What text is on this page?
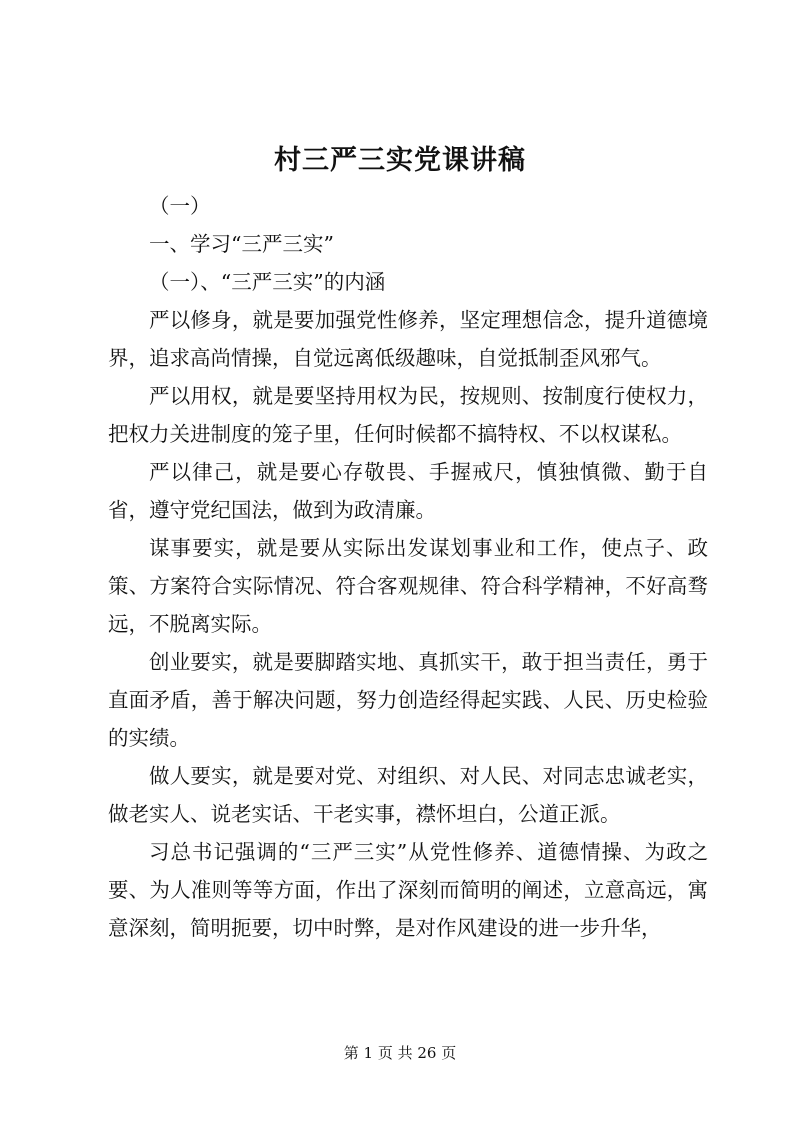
村三严三实党课讲稿

（一）

一、学习“三严三实”

（一）、“三严三实”的内涵

严以修身，就是要加强党性修养，坚定理想信念，提升道德境界，追求高尚情操，自觉远离低级趣味，自觉抵制歪风邪气。

严以用权，就是要坚持用权为民，按规则、按制度行使权力，把权力关进制度的笼子里，任何时候都不搞特权、不以权谋私。

严以律己，就是要心存敬畏、手握戒尺，慎独慎微、勤于自省，遵守党纪国法，做到为政清廉。

谋事要实，就是要从实际出发谋划事业和工作，使点子、政策、方案符合实际情况、符合客观规律、符合科学精神，不好高骛远，不脱离实际。

创业要实，就是要脚踏实地、真抓实干，敢于担当责任，勇于直面矛盾，善于解决问题，努力创造经得起实践、人民、历史检验的实绩。

做人要实，就是要对党、对组织、对人民、对同志忠诚老实，做老实人、说老实话、干老实事，襟怀坦白，公道正派。

习总书记强调的“三严三实”从党性修养、道德情操、为政之要、为人准则等等方面，作出了深刻而简明的阐述，立意高远，寓意深刻，简明扼要，切中时弊，是对作风建设的进一步升华，

第 1 页 共 26 页
